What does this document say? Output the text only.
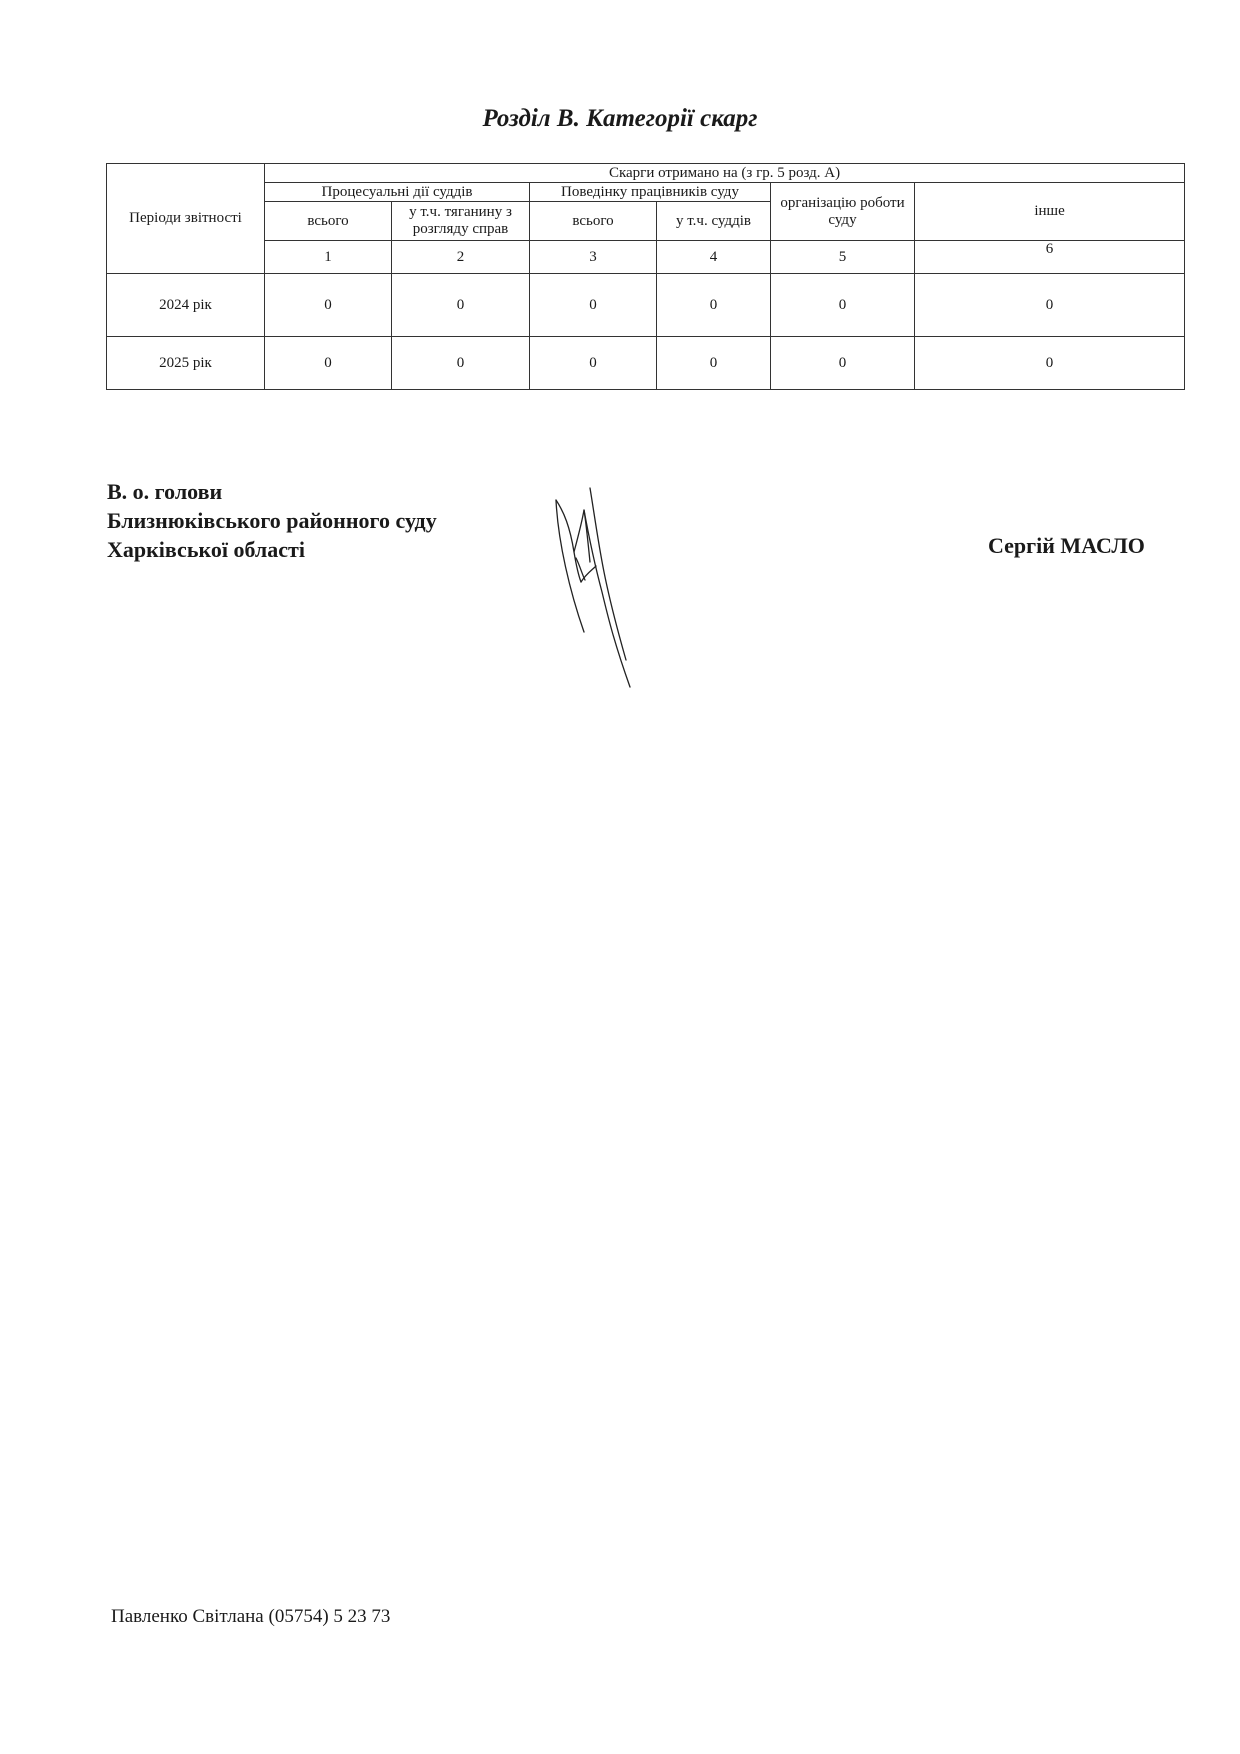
Розділ В. Категорії скарг
Періоди звітності	Скарги отримано на (з гр. 5 розд. А)					
	Процесуальні дії суддів		Поведінку працівників суду		організацію роботи суду	інше
	всього	у т.ч. тяганину з розгляду справ	всього	у т.ч. суддів		
	1	2	3	4	5	6
2024 рік	0	0	0	0	0	0
2025 рік	0	0	0	0	0	0
В. о. голови
Близнюківського районного суду
Харківської області	Сергій МАСЛО
Павленко Світлана (05754) 5 23 73
